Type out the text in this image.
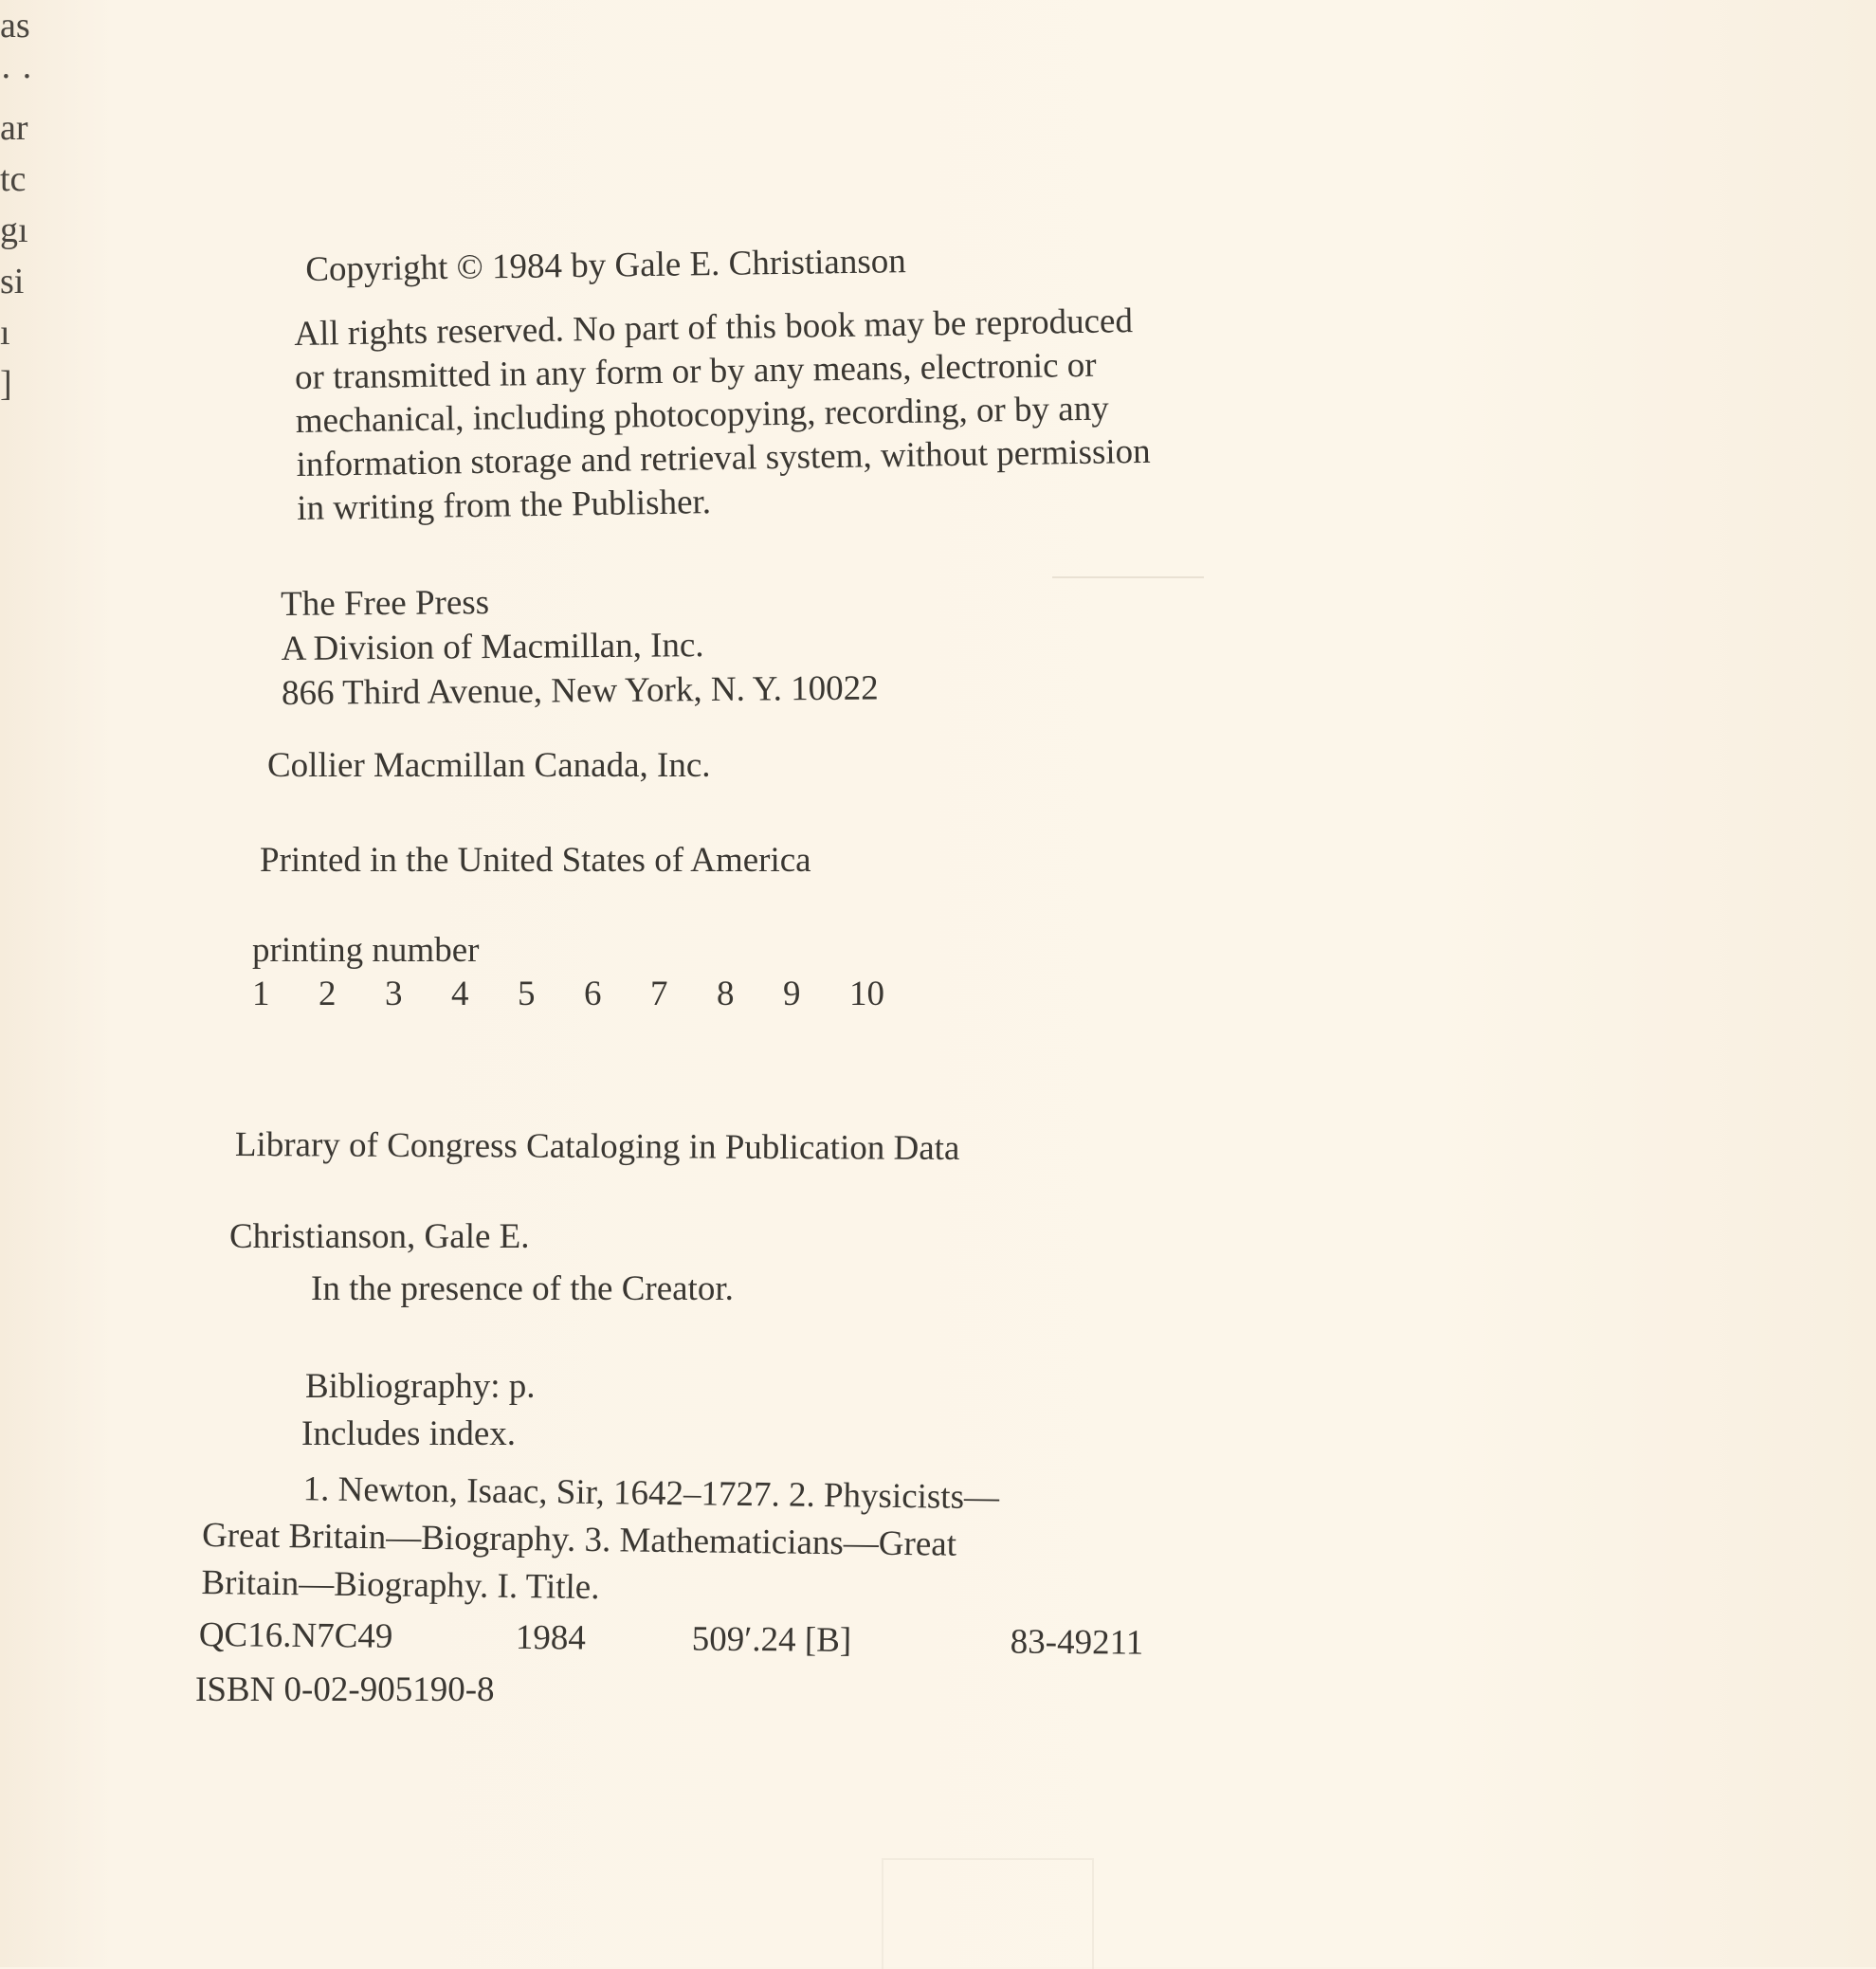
as
· ·
ar
tc
gı
si
ı
]
Copyright © 1984 by Gale E. Christianson
All rights reserved. No part of this book may be reproduced
or transmitted in any form or by any means, electronic or
mechanical, including photocopying, recording, or by any
information storage and retrieval system, without permission
in writing from the Publisher.
The Free Press
A Division of Macmillan, Inc.
866 Third Avenue, New York, N. Y. 10022
Collier Macmillan Canada, Inc.
Printed in the United States of America
printing number
1	2	3	4	5	6	7	8	9	10
Library of Congress Cataloging in Publication Data
Christianson, Gale E.
In the presence of the Creator.
Bibliography: p.
Includes index.
1. Newton, Isaac, Sir, 1642–1727. 2. Physicists—
Great Britain—Biography. 3. Mathematicians—Great
Britain—Biography. I. Title.
QC16.N7C49	1984	509′.24 [B]	83-49211
ISBN 0-02-905190-8
